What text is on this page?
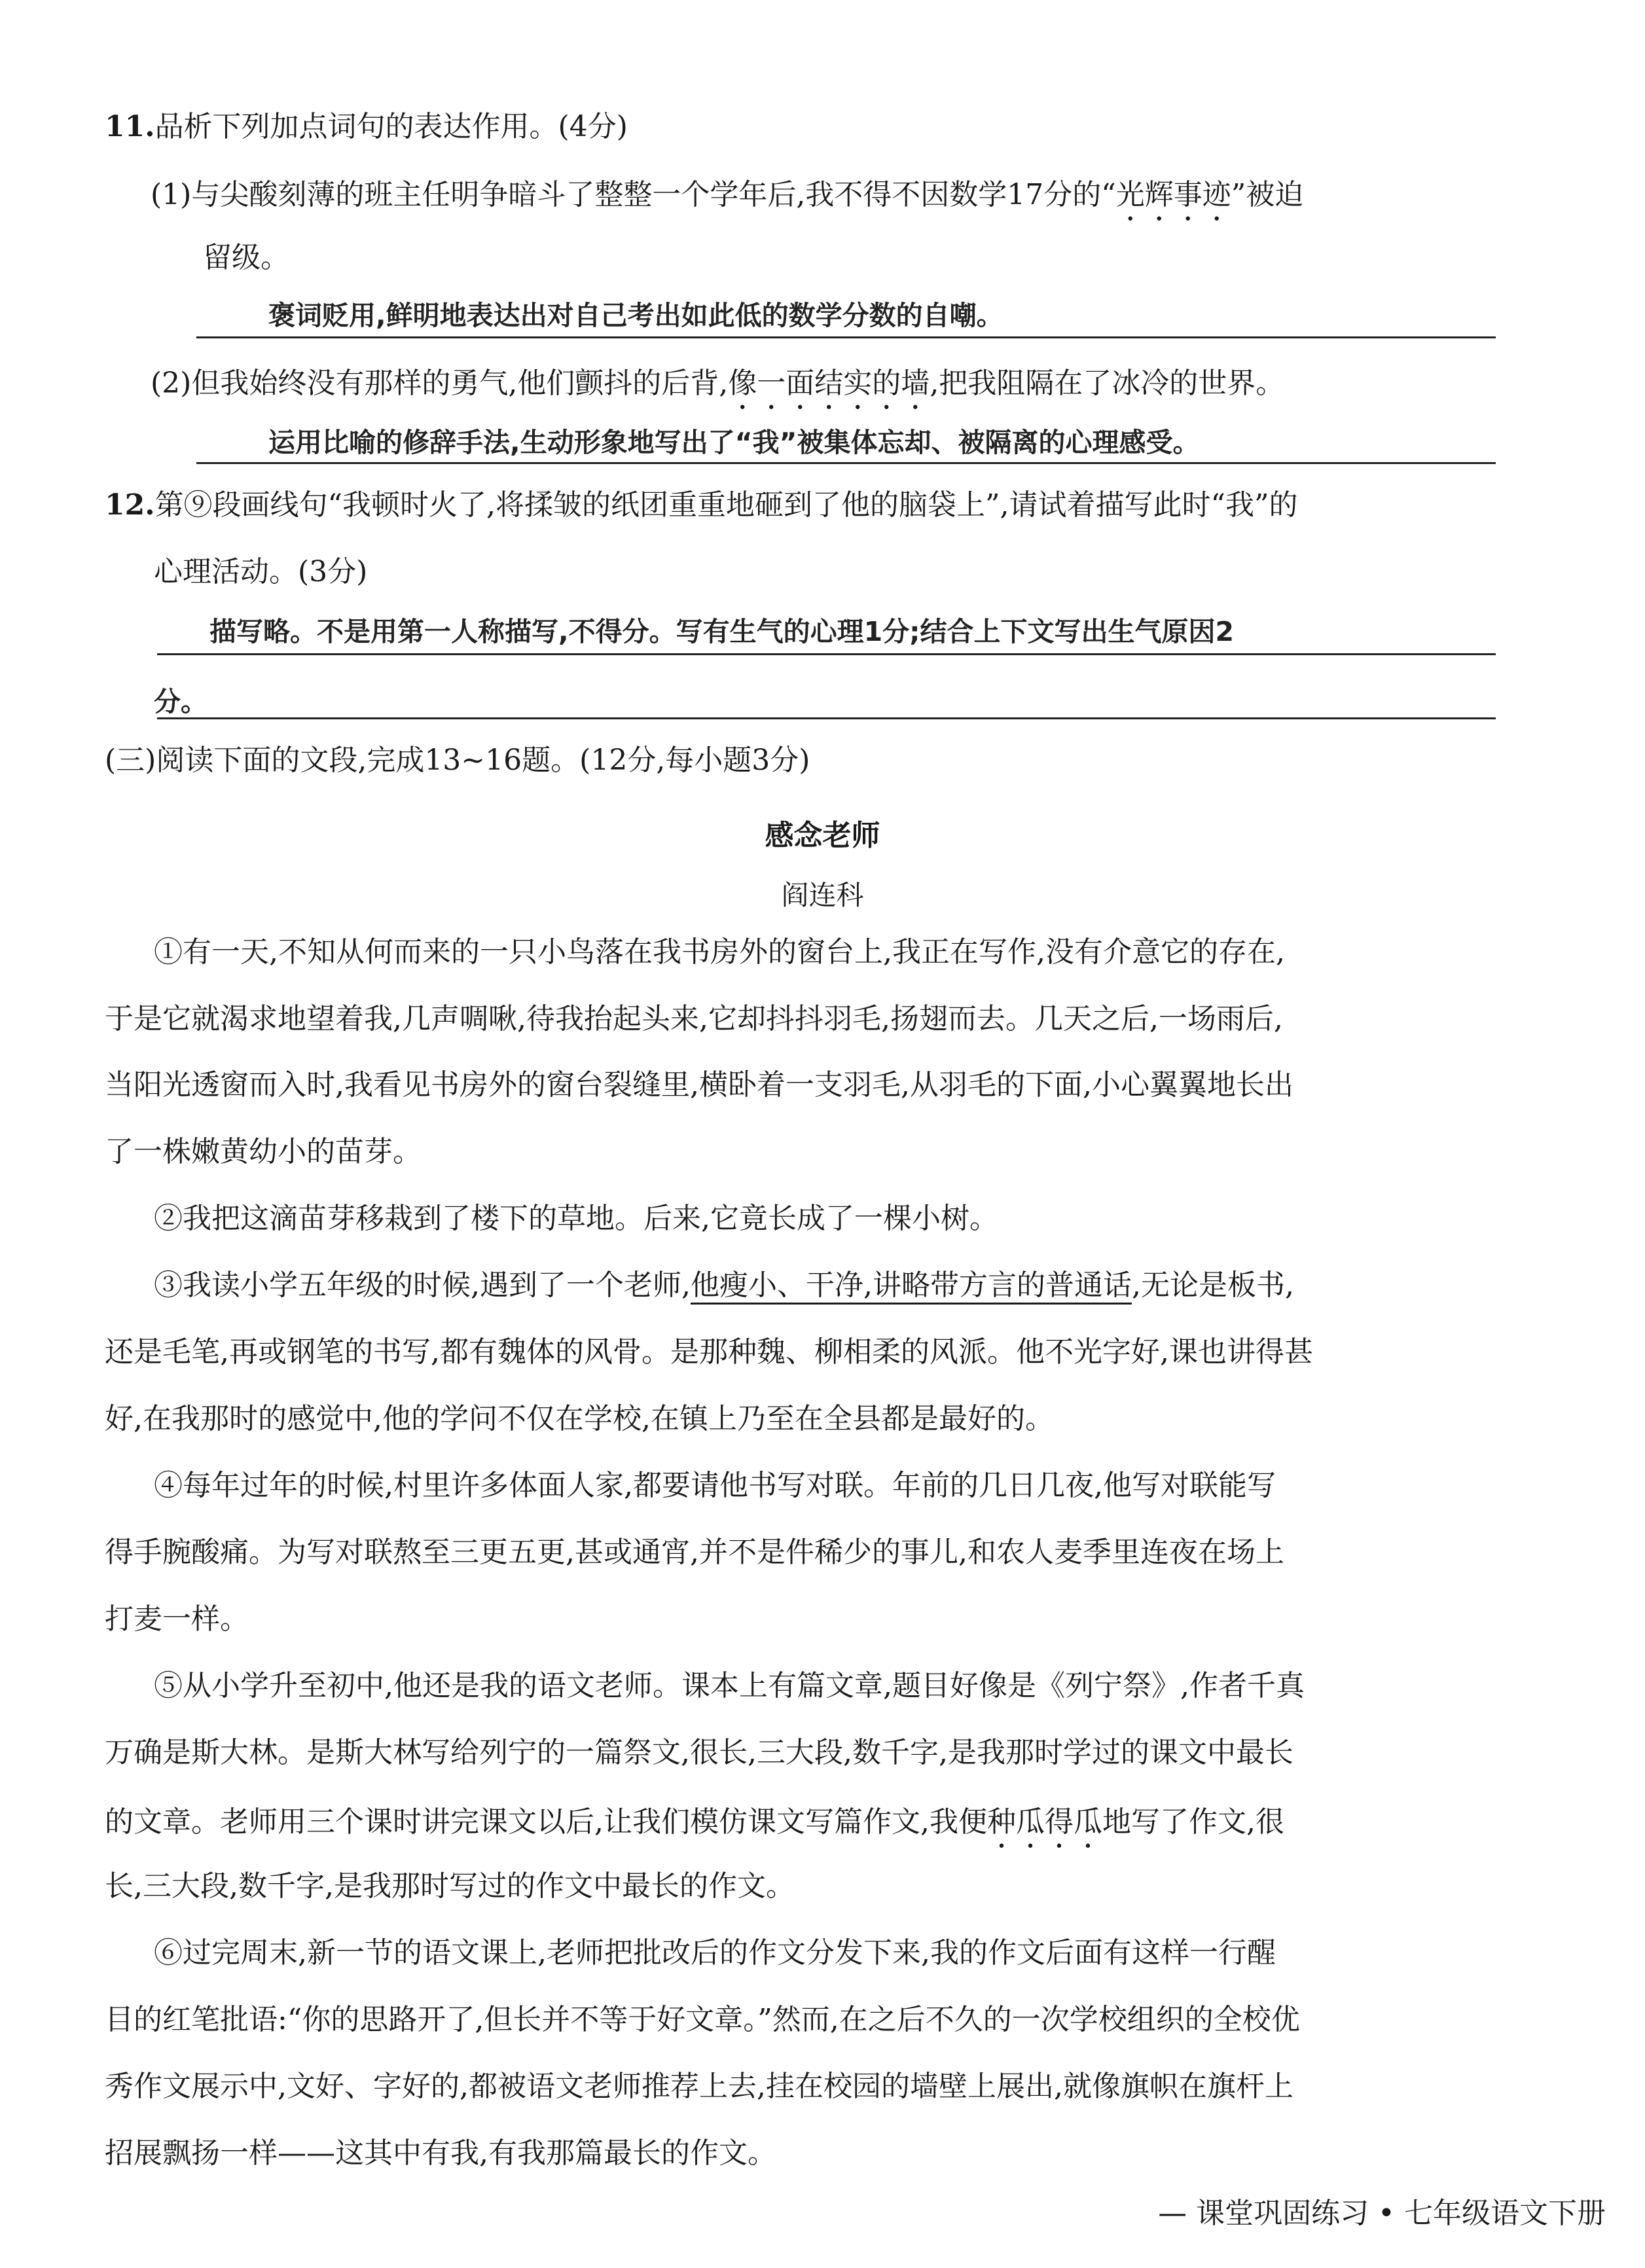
11.品析下列加点词句的表达作用。(4分)
(1)与尖酸刻薄的班主任明争暗斗了整整一个学年后,我不得不因数学17分的“光辉事迹”被迫
留级。
褒词贬用,鲜明地表达出对自己考出如此低的数学分数的自嘲。
(2)但我始终没有那样的勇气,他们颤抖的后背,像一面结实的墙,把我阻隔在了冰冷的世界。
运用比喻的修辞手法,生动形象地写出了“我”被集体忘却、被隔离的心理感受。
12.第⑨段画线句“我顿时火了,将揉皱的纸团重重地砸到了他的脑袋上”,请试着描写此时“我”的
心理活动。(3分)
描写略。不是用第一人称描写,不得分。写有生气的心理1分;结合上下文写出生气原因2
分。
(三)阅读下面的文段,完成13~16题。(12分,每小题3分)
感念老师
阎连科
①有一天,不知从何而来的一只小鸟落在我书房外的窗台上,我正在写作,没有介意它的存在,
于是它就渴求地望着我,几声啁啾,待我抬起头来,它却抖抖羽毛,扬翅而去。几天之后,一场雨后,
当阳光透窗而入时,我看见书房外的窗台裂缝里,横卧着一支羽毛,从羽毛的下面,小心翼翼地长出
了一株嫩黄幼小的苗芽。
②我把这滴苗芽移栽到了楼下的草地。后来,它竟长成了一棵小树。
③我读小学五年级的时候,遇到了一个老师,他瘦小、干净,讲略带方言的普通话,无论是板书,
还是毛笔,再或钢笔的书写,都有魏体的风骨。是那种魏、柳相柔的风派。他不光字好,课也讲得甚
好,在我那时的感觉中,他的学问不仅在学校,在镇上乃至在全县都是最好的。
④每年过年的时候,村里许多体面人家,都要请他书写对联。年前的几日几夜,他写对联能写
得手腕酸痛。为写对联熬至三更五更,甚或通宵,并不是件稀少的事儿,和农人麦季里连夜在场上
打麦一样。
⑤从小学升至初中,他还是我的语文老师。课本上有篇文章,题目好像是《列宁祭》,作者千真
万确是斯大林。是斯大林写给列宁的一篇祭文,很长,三大段,数千字,是我那时学过的课文中最长
的文章。老师用三个课时讲完课文以后,让我们模仿课文写篇作文,我便种瓜得瓜地写了作文,很
长,三大段,数千字,是我那时写过的作文中最长的作文。
⑥过完周末,新一节的语文课上,老师把批改后的作文分发下来,我的作文后面有这样一行醒
目的红笔批语:“你的思路开了,但长并不等于好文章。”然而,在之后不久的一次学校组织的全校优
秀作文展示中,文好、字好的,都被语文老师推荐上去,挂在校园的墙壁上展出,就像旗帜在旗杆上
招展飘扬一样——这其中有我,有我那篇最长的作文。
— 课堂巩固练习 • 七年级语文下册
